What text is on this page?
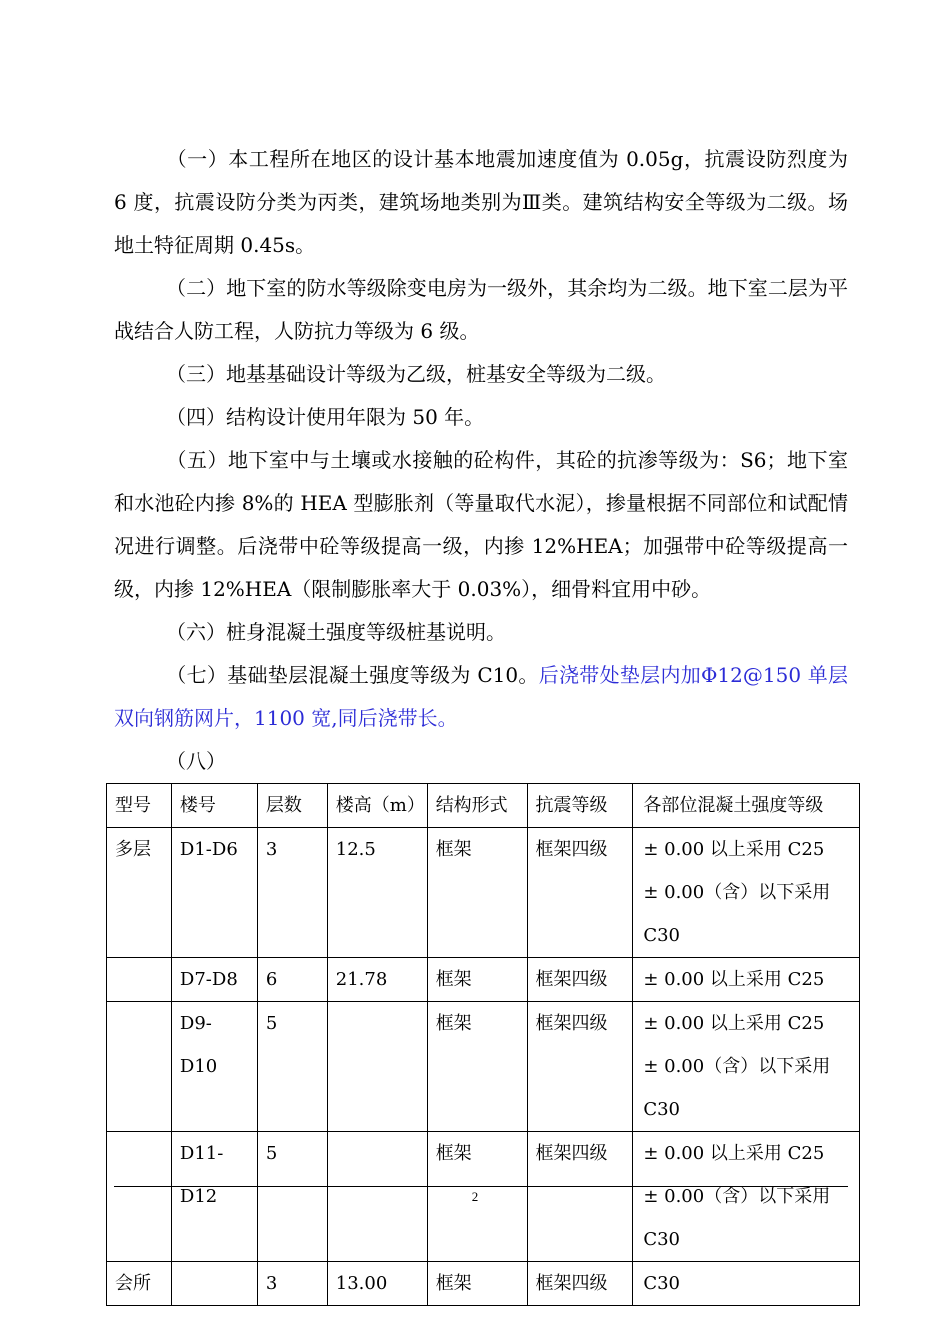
（一）本工程所在地区的设计基本地震加速度值为 0.05g，抗震设防烈度为 6 度，抗震设防分类为丙类，建筑场地类别为Ⅲ类。建筑结构安全等级为二级。场地土特征周期 0.45s。
（二）地下室的防水等级除变电房为一级外，其余均为二级。地下室二层为平战结合人防工程，人防抗力等级为 6 级。
（三）地基基础设计等级为乙级，桩基安全等级为二级。
（四）结构设计使用年限为 50 年。
（五）地下室中与土壤或水接触的砼构件，其砼的抗渗等级为：S6；地下室和水池砼内掺 8%的 HEA 型膨胀剂（等量取代水泥），掺量根据不同部位和试配情况进行调整。后浇带中砼等级提高一级，内掺 12%HEA；加强带中砼等级提高一级，内掺 12%HEA（限制膨胀率大于 0.03%），细骨料宜用中砂。
（六）桩身混凝土强度等级桩基说明。
（七）基础垫层混凝土强度等级为 C10。后浇带处垫层内加Φ12@150 单层双向钢筋网片，1100 宽,同后浇带长。
（八）
型号	楼号	层数	楼高（m）	结构形式	抗震等级	各部位混凝土强度等级
多层	D1-D6	3	12.5	框架	框架四级	± 0.00 以上采用 C25
± 0.00（含）以下采用 C30

	D7-D8	6	21.78	框架	框架四级	± 0.00 以上采用 C25

	D9-D10	5		框架	框架四级	± 0.00 以上采用 C25
± 0.00（含）以下采用 C30

	D11-D12	5		框架	框架四级	± 0.00 以上采用 C25
± 0.00（含）以下采用 C30

会所		3	13.00	框架	框架四级	C30
2
